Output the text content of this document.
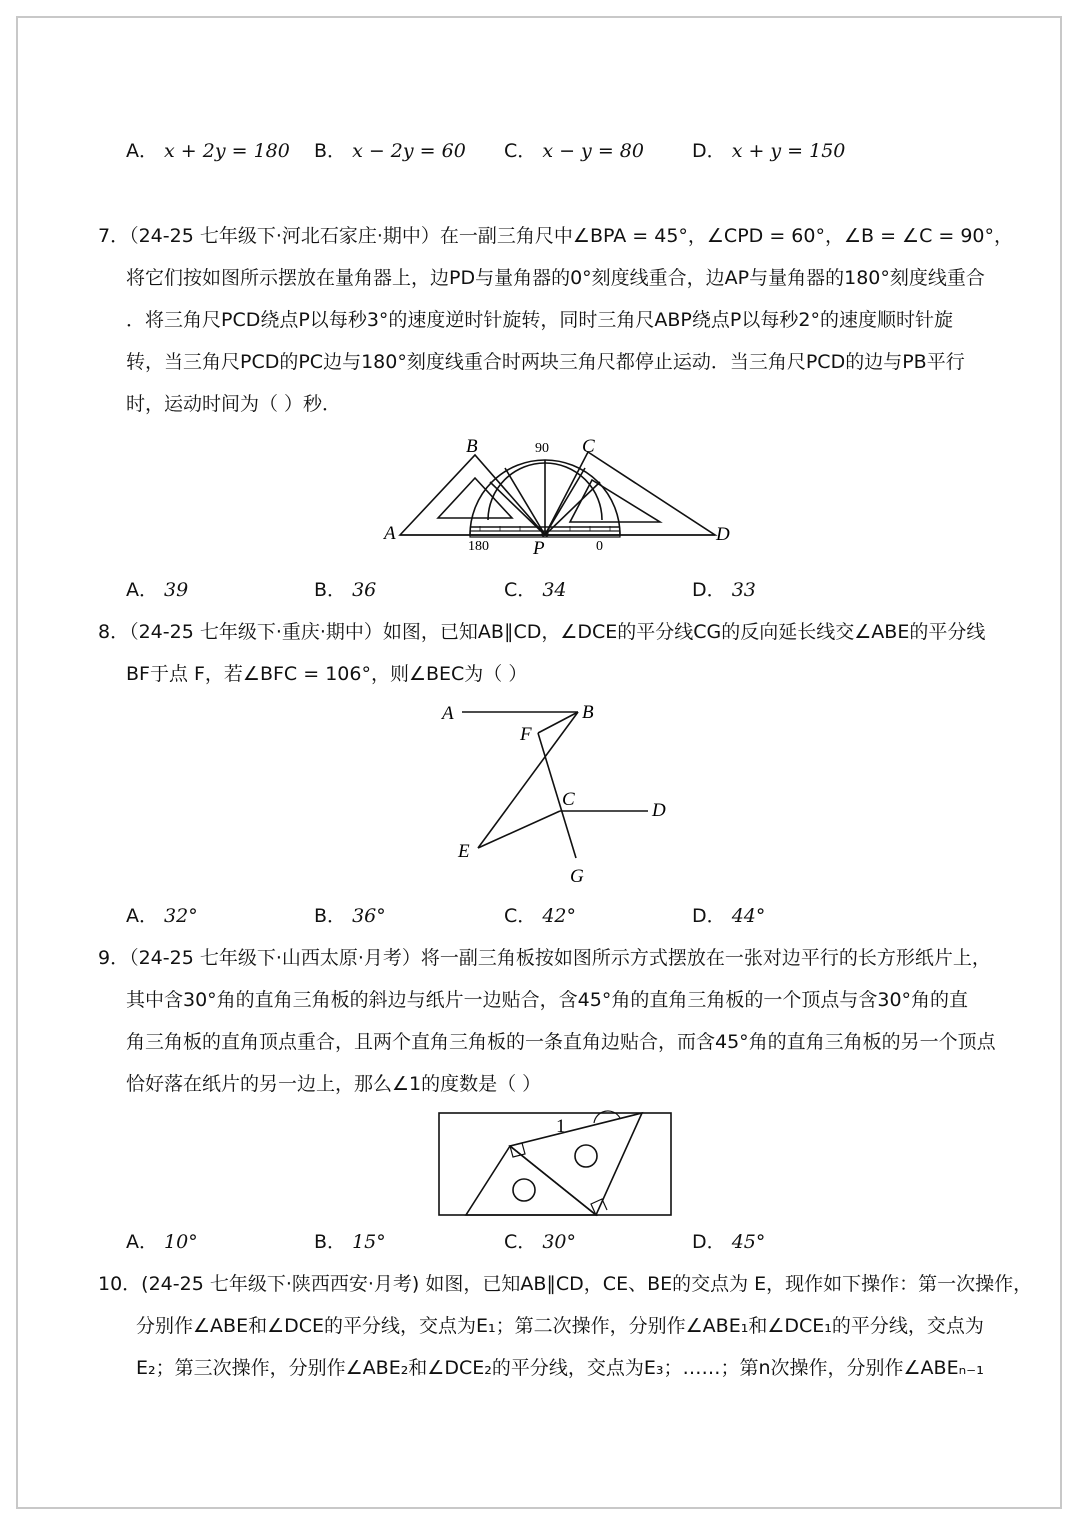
A． x + 2y = 180 B． x − 2y = 60 C． x − y = 80	D． x + y = 150
7．（24-25 七年级下·河北石家庄·期中）在一副三角尺中∠BPA = 45°，∠CPD = 60°，∠B = ∠C = 90°，
将它们按如图所示摆放在量角器上，边PD与量角器的0°刻度线重合，边AP与量角器的180°刻度线重合
．将三角尺PCD绕点P以每秒3°的速度逆时针旋转，同时三角尺ABP绕点P以每秒2°的速度顺时针旋
转，当三角尺PCD的PC边与180°刻度线重合时两块三角尺都停止运动．当三角尺PCD的边与PB平行
时，运动时间为（ ）秒．
A
B	C
D
P
90
180	0
A． 39	B． 36	C． 34	D． 33
8．（24-25 七年级下·重庆·期中）如图，已知AB∥CD，∠DCE的平分线CG的反向延长线交∠ABE的平分线
BF于点 F，若∠BFC = 106°，则∠BEC为（ ）
A	B
F
C
D
E
G
A． 32°	B． 36°	C． 42°	D． 44°
9．（24-25 七年级下·山西太原·月考）将一副三角板按如图所示方式摆放在一张对边平行的长方形纸片上，
其中含30°角的直角三角板的斜边与纸片一边贴合，含45°角的直角三角板的一个顶点与含30°角的直
角三角板的直角顶点重合，且两个直角三角板的一条直角边贴合，而含45°角的直角三角板的另一个顶点
恰好落在纸片的另一边上，那么∠1的度数是（ ）
1
A． 10°	B． 15°	C． 30°	D． 45°
10．(24-25 七年级下·陕西西安·月考) 如图，已知AB∥CD，CE、BE的交点为 E，现作如下操作：第一次操作，
分别作∠ABE和∠DCE的平分线，交点为E₁；第二次操作，分别作∠ABE₁和∠DCE₁的平分线，交点为
E₂；第三次操作，分别作∠ABE₂和∠DCE₂的平分线，交点为E₃；……；第n次操作，分别作∠ABEₙ₋₁
